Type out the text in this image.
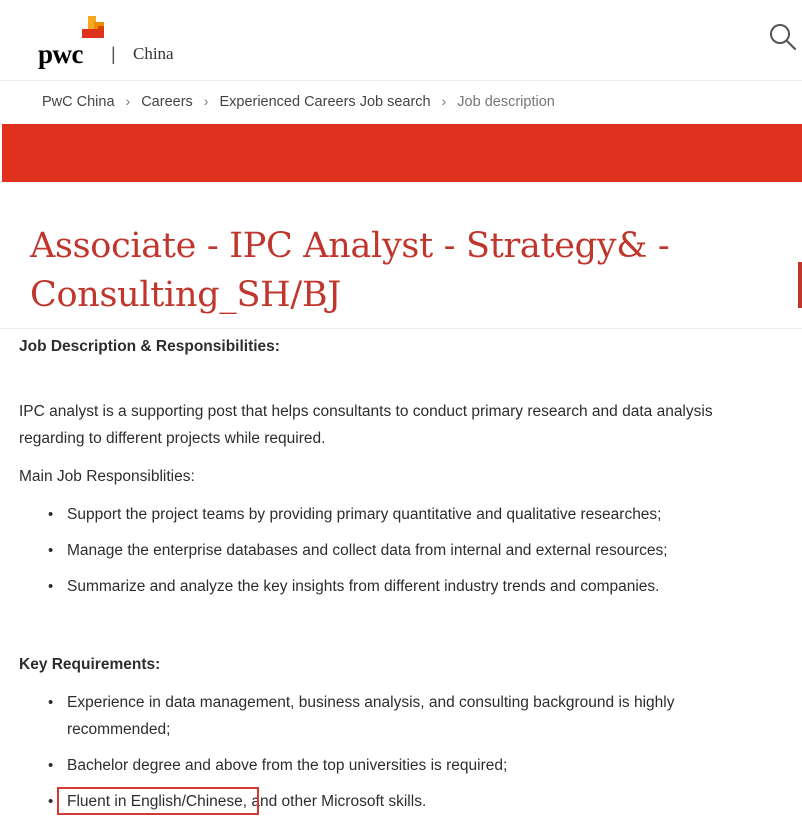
pwc | China
PwC China › Careers › Experienced Careers Job search › Job description
Associate - IPC Analyst - Strategy& - Consulting_SH/BJ
Job Description & Responsibilities:
IPC analyst is a supporting post that helps consultants to conduct primary research and data analysis regarding to different projects while required.
Main Job Responsiblities:
• Support the project teams by providing primary quantitative and qualitative researches;
• Manage the enterprise databases and collect data from internal and external resources;
• Summarize and analyze the key insights from different industry trends and companies.
Key Requirements:
• Experience in data management, business analysis, and consulting background is highly recommended;
• Bachelor degree and above from the top universities is required;
• Fluent in English/Chinese, and other Microsoft skills.
